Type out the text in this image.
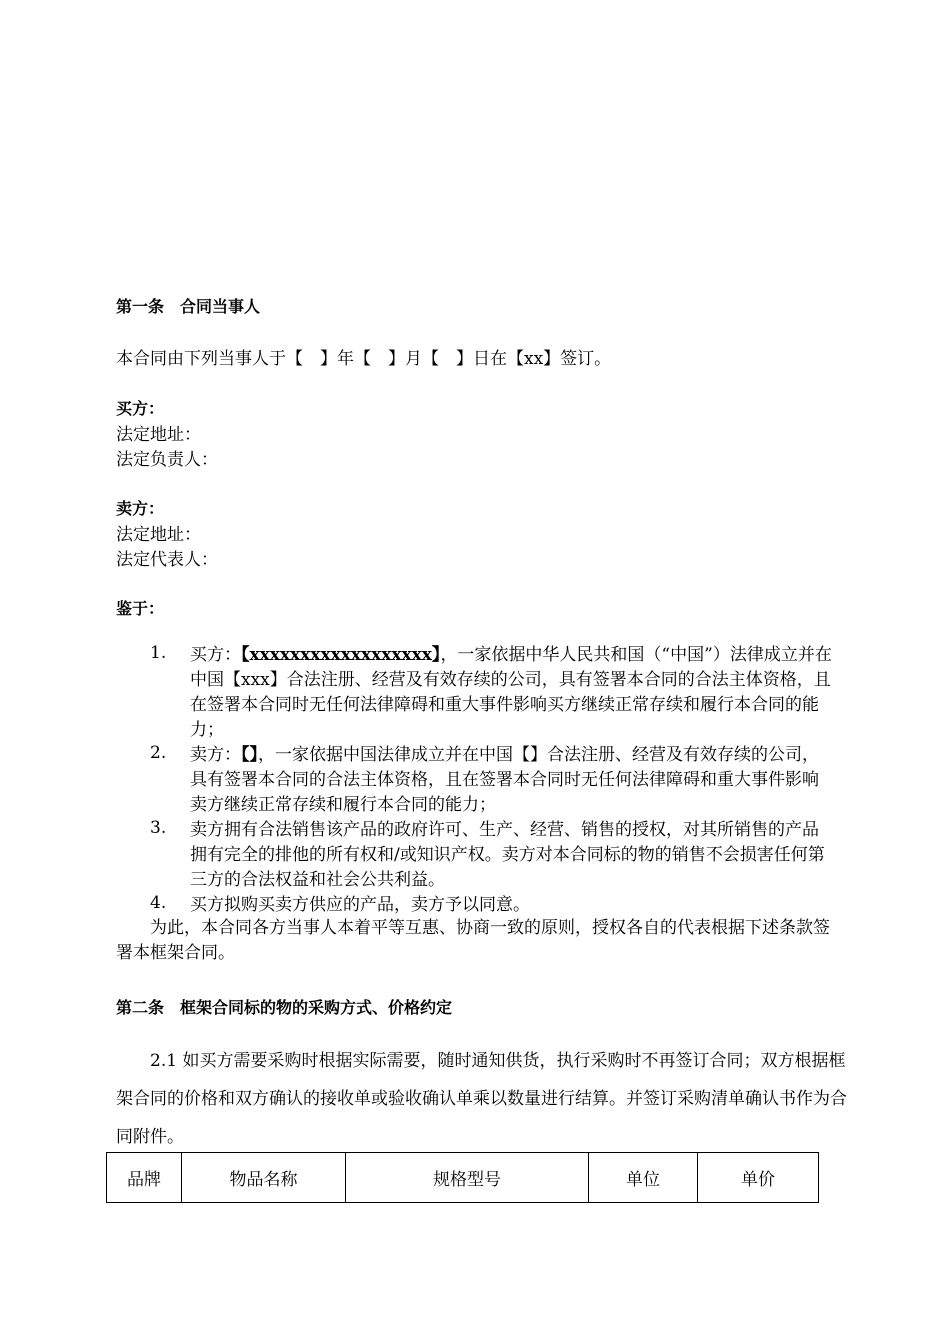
第一条　合同当事人
本合同由下列当事人于【　】年【　】月【　】日在【xx】签订。
买方：
法定地址：
法定负责人：
卖方：
法定地址：
法定代表人：
鉴于：
1.	买方：【xxxxxxxxxxxxxxxxxx】，一家依据中华人民共和国（“中国”）法律成立并在中国【xxx】合法注册、经营及有效存续的公司，具有签署本合同的合法主体资格，且在签署本合同时无任何法律障碍和重大事件影响买方继续正常存续和履行本合同的能力；
2.	卖方：【】，一家依据中国法律成立并在中国【】合法注册、经营及有效存续的公司，具有签署本合同的合法主体资格，且在签署本合同时无任何法律障碍和重大事件影响卖方继续正常存续和履行本合同的能力；
3.	卖方拥有合法销售该产品的政府许可、生产、经营、销售的授权，对其所销售的产品拥有完全的排他的所有权和/或知识产权。卖方对本合同标的物的销售不会损害任何第三方的合法权益和社会公共利益。
4.	买方拟购买卖方供应的产品，卖方予以同意。
为此，本合同各方当事人本着平等互惠、协商一致的原则，授权各自的代表根据下述条款签署本框架合同。
第二条　框架合同标的物的采购方式、价格约定
2.1 如买方需要采购时根据实际需要，随时通知供货，执行采购时不再签订合同；双方根据框架合同的价格和双方确认的接收单或验收确认单乘以数量进行结算。并签订采购清单确认书作为合同附件。
品牌	物品名称	规格型号	单位	单价
